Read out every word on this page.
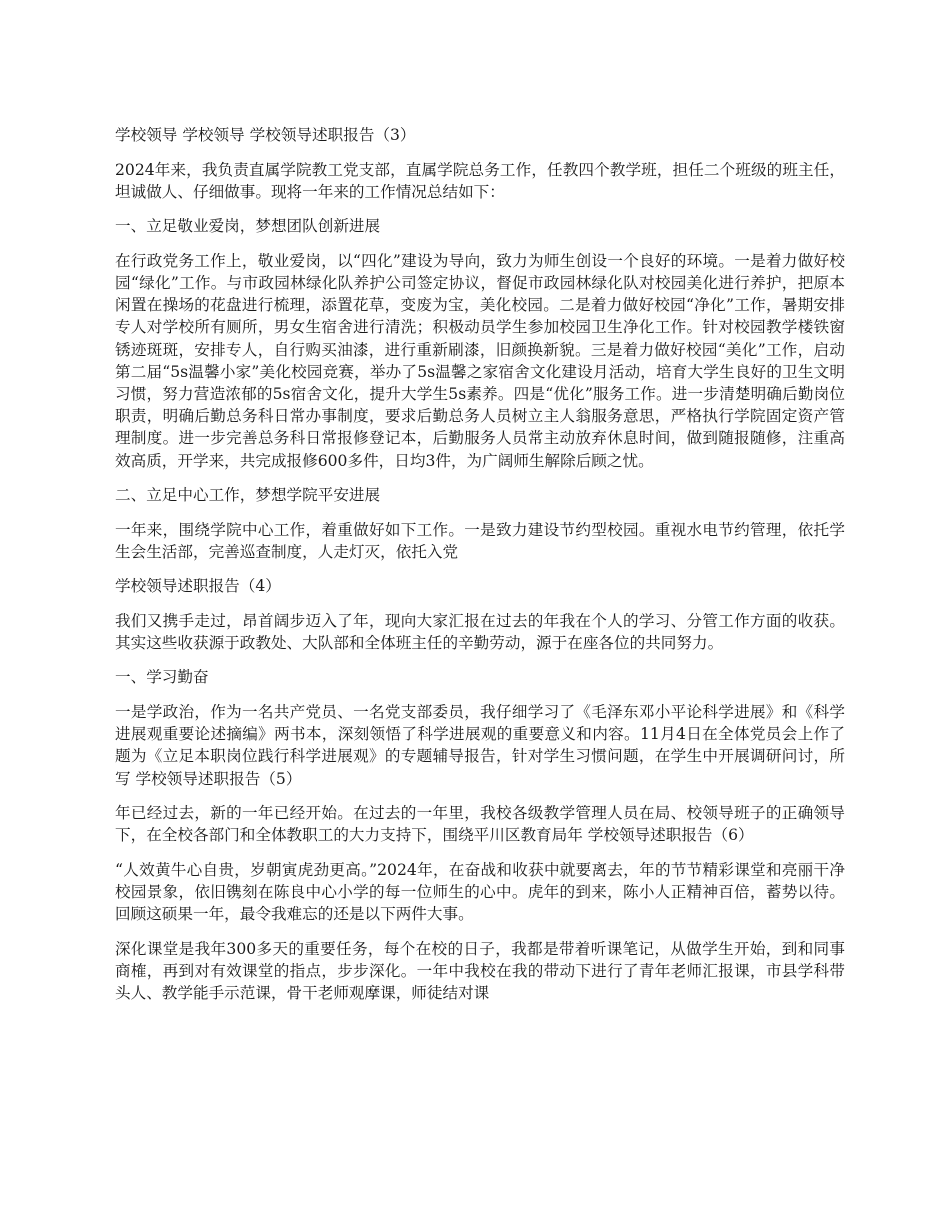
学校领导 学校领导 学校领导述职报告（3）

2024年来，我负责直属学院教工党支部，直属学院总务工作，任教四个教学班，担任二个班级的班主任，坦诚做人、仔细做事。现将一年来的工作情况总结如下：

一、立足敬业爱岗，梦想团队创新进展

在行政党务工作上，敬业爱岗，以“四化”建设为导向，致力为师生创设一个良好的环境。一是着力做好校园“绿化”工作。与市政园林绿化队养护公司签定协议，督促市政园林绿化队对校园美化进行养护，把原本闲置在操场的花盘进行梳理，添置花草，变废为宝，美化校园。二是着力做好校园“净化”工作，暑期安排专人对学校所有厕所，男女生宿舍进行清洗；积极动员学生参加校园卫生净化工作。针对校园教学楼铁窗锈迹斑斑，安排专人，自行购买油漆，进行重新刷漆，旧颜换新貌。三是着力做好校园“美化”工作，启动第二届“5s温馨小家”美化校园竞赛，举办了5s温馨之家宿舍文化建设月活动，培育大学生良好的卫生文明习惯，努力营造浓郁的5s宿舍文化，提升大学生5s素养。四是“优化”服务工作。进一步清楚明确后勤岗位职责，明确后勤总务科日常办事制度，要求后勤总务人员树立主人翁服务意思，严格执行学院固定资产管理制度。进一步完善总务科日常报修登记本，后勤服务人员常主动放弃休息时间，做到随报随修，注重高效高质，开学来，共完成报修600多件，日均3件，为广阔师生解除后顾之忧。

二、立足中心工作，梦想学院平安进展

一年来，围绕学院中心工作，着重做好如下工作。一是致力建设节约型校园。重视水电节约管理，依托学生会生活部，完善巡查制度，人走灯灭，依托入党

学校领导述职报告（4）

我们又携手走过，昂首阔步迈入了年，现向大家汇报在过去的年我在个人的学习、分管工作方面的收获。其实这些收获源于政教处、大队部和全体班主任的辛勤劳动，源于在座各位的共同努力。

一、学习勤奋

一是学政治，作为一名共产党员、一名党支部委员，我仔细学习了《毛泽东邓小平论科学进展》和《科学进展观重要论述摘编》两书本，深刻领悟了科学进展观的重要意义和内容。11月4日在全体党员会上作了题为《立足本职岗位践行科学进展观》的专题辅导报告，针对学生习惯问题，在学生中开展调研问讨，所写 学校领导述职报告（5）

年已经过去，新的一年已经开始。在过去的一年里，我校各级教学管理人员在局、校领导班子的正确领导下，在全校各部门和全体教职工的大力支持下，围绕平川区教育局年 学校领导述职报告（6）

“人效黄牛心自贵，岁朝寅虎劲更高。”2024年，在奋战和收获中就要离去，年的节节精彩课堂和亮丽干净校园景象，依旧镌刻在陈良中心小学的每一位师生的心中。虎年的到来，陈小人正精神百倍，蓄势以待。回顾这硕果一年，最令我难忘的还是以下两件大事。

深化课堂是我年300多天的重要任务，每个在校的日子，我都是带着听课笔记，从做学生开始，到和同事商榷，再到对有效课堂的指点，步步深化。一年中我校在我的带动下进行了青年老师汇报课，市县学科带头人、教学能手示范课，骨干老师观摩课，师徒结对课
